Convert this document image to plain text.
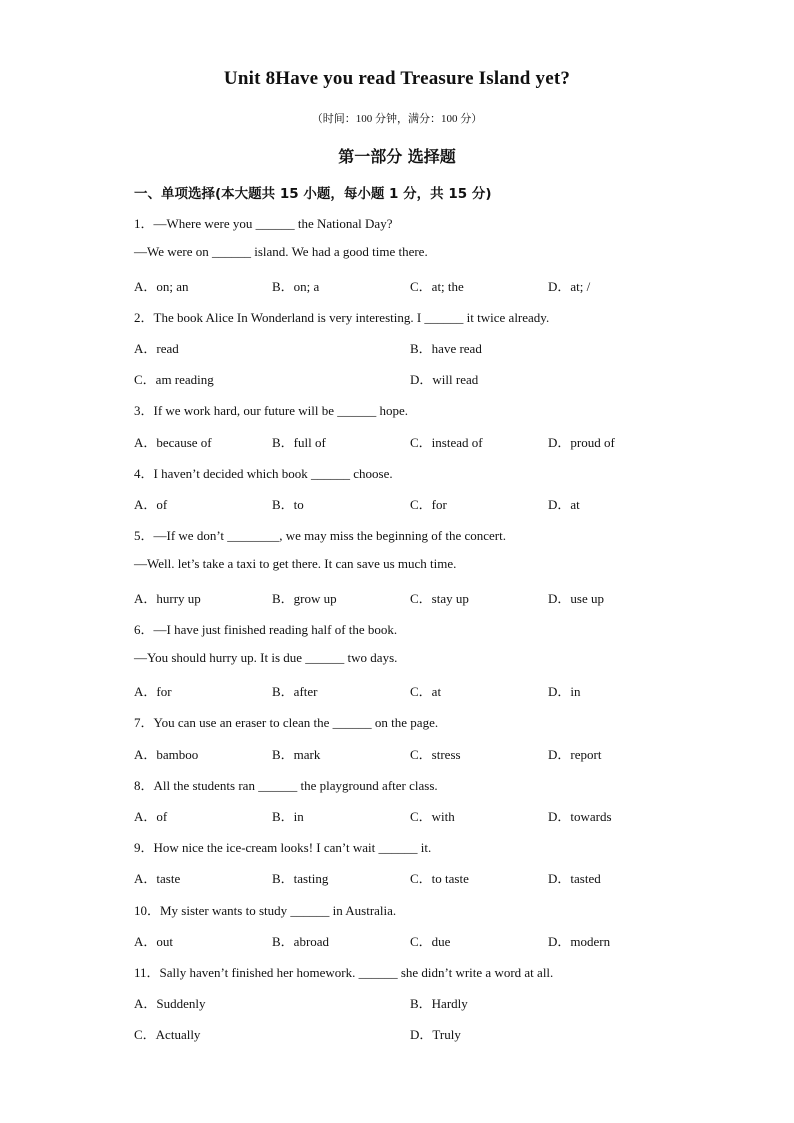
Unit 8Have you read Treasure Island yet?
（时间：100 分钟，满分：100 分）
第一部分 选择题
一、单项选择(本大题共 15 小题，每小题 1 分，共 15 分)
1．—Where were you ______ the National Day?
—We were on ______ island. We had a good time there.
A．on; an	B．on; a	C．at; the	D．at; /
2．The book Alice In Wonderland is very interesting. I ______ it twice already.
A．read	B．have read
C．am reading	D．will read
3．If we work hard, our future will be ______ hope.
A．because of	B．full of	C．instead of	D．proud of
4．I haven’t decided which book ______ choose.
A．of	B．to	C．for	D．at
5．—If we don’t ________, we may miss the beginning of the concert.
—Well. let’s take a taxi to get there. It can save us much time.
A．hurry up	B．grow up	C．stay up	D．use up
6．—I have just finished reading half of the book.
—You should hurry up. It is due ______ two days.
A．for	B．after	C．at	D．in
7．You can use an eraser to clean the ______ on the page.
A．bamboo	B．mark	C．stress	D．report
8．All the students ran ______ the playground after class.
A．of	B．in	C．with	D．towards
9．How nice the ice-cream looks! I can’t wait ______ it.
A．taste	B．tasting	C．to taste	D．tasted
10．My sister wants to study ______ in Australia.
A．out	B．abroad	C．due	D．modern
11．Sally haven’t finished her homework. ______ she didn’t write a word at all.
A．Suddenly	B．Hardly
C．Actually	D．Truly
